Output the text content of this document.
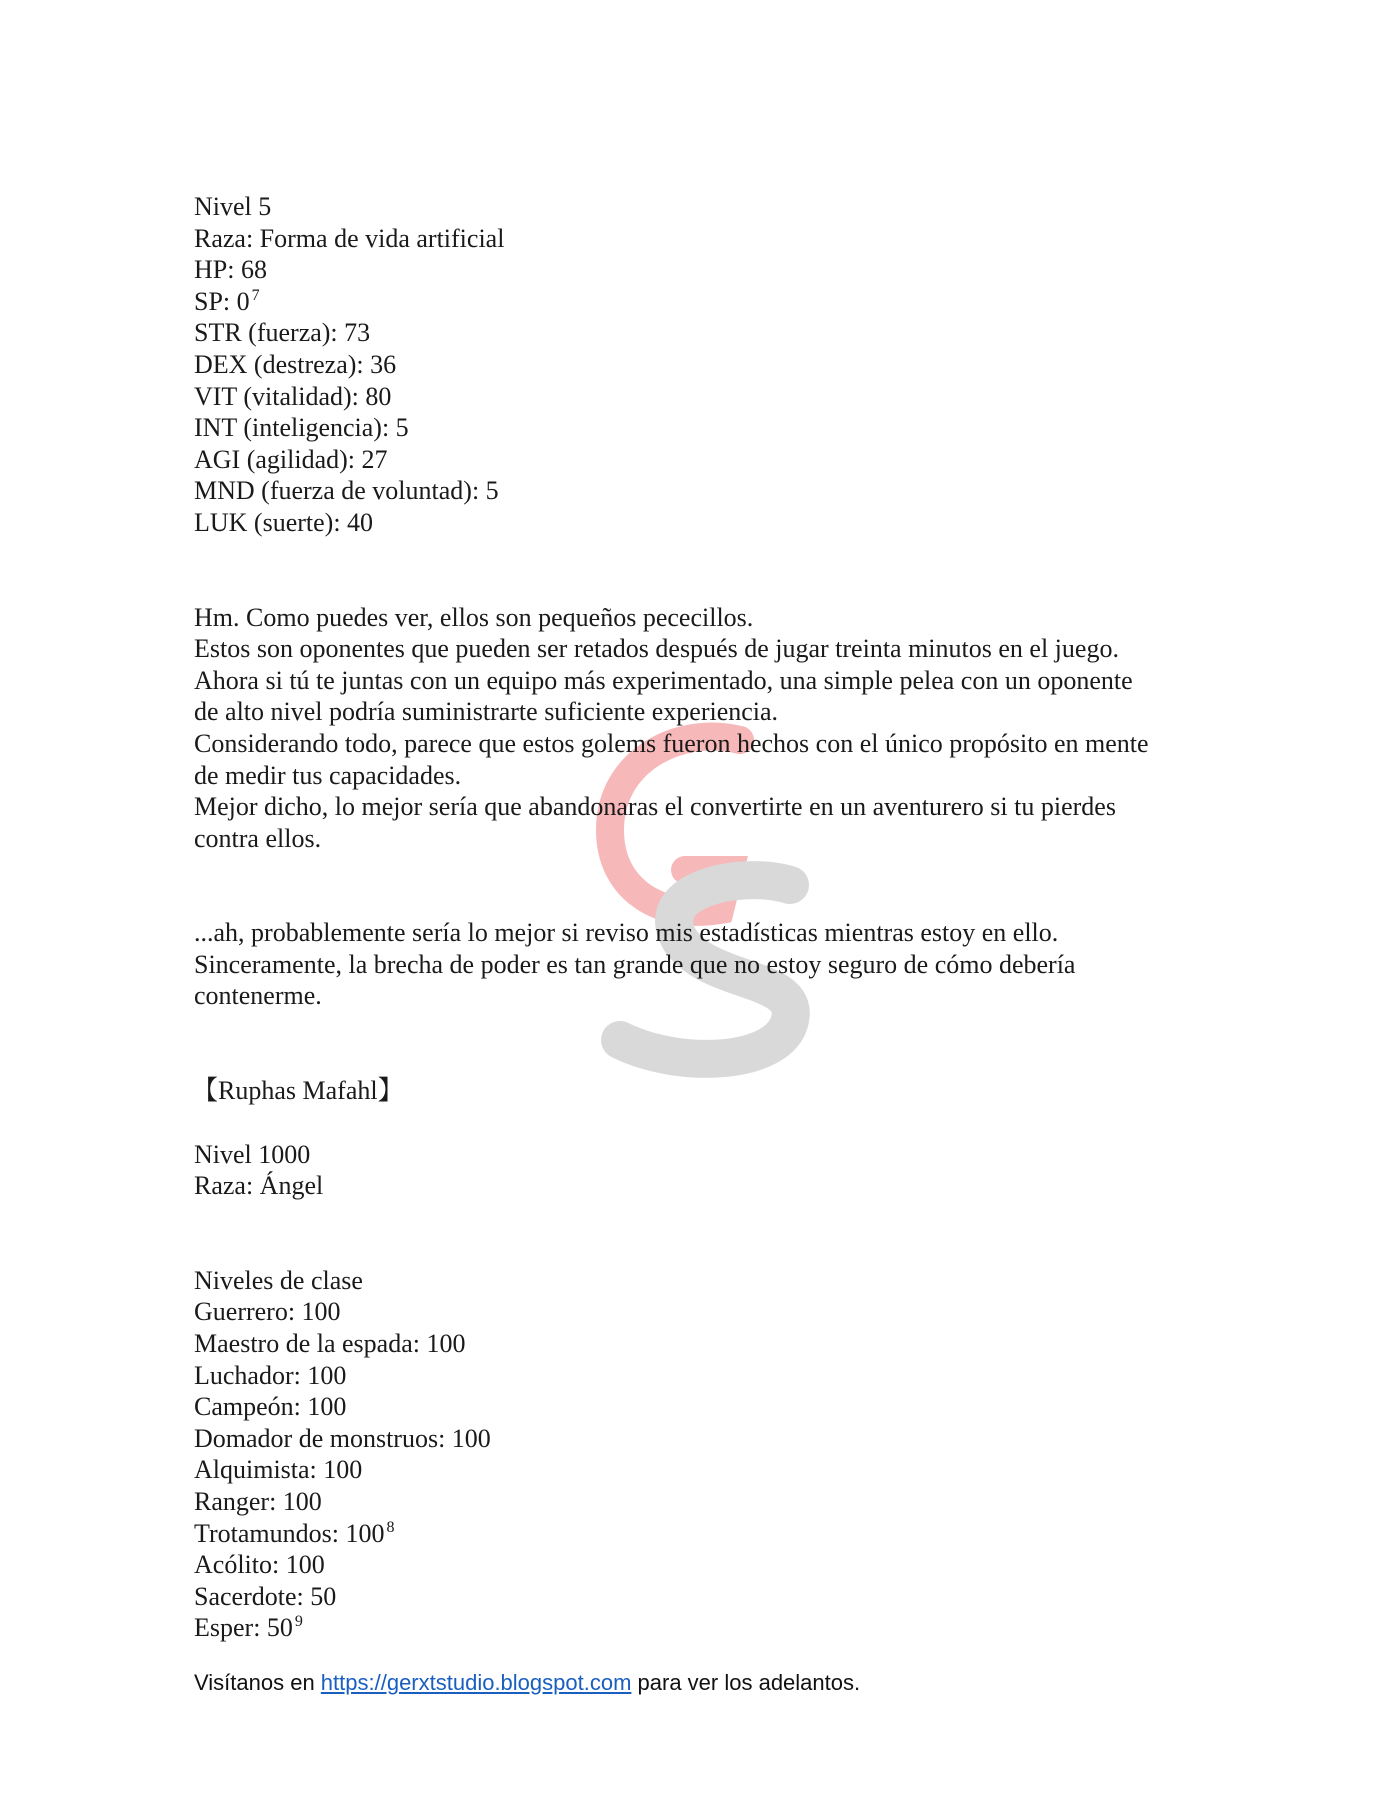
Nivel 5
Raza: Forma de vida artificial
HP: 68
SP: 0 $^7$
STR (fuerza): 73
DEX (destreza): 36
VIT (vitalidad): 80
INT (inteligencia): 5
AGI (agilidad): 27
MND (fuerza de voluntad): 5
LUK (suerte): 40
Hm. Como puedes ver, ellos son pequeños pececillos.
Estos son oponentes que pueden ser retados después de jugar treinta minutos en el juego.
Ahora si tú te juntas con un equipo más experimentado, una simple pelea con un oponente
de alto nivel podría suministrarte suficiente experiencia.
Considerando todo, parece que estos golems fueron hechos con el único propósito en mente
de medir tus capacidades.
Mejor dicho, lo mejor sería que abandonaras el convertirte en un aventurero si tu pierdes
contra ellos.
...ah, probablemente sería lo mejor si reviso mis estadísticas mientras estoy en ello.
Sinceramente, la brecha de poder es tan grande que no estoy seguro de cómo debería
contenerme.
【Ruphas Mafahl】
Nivel 1000
Raza: Ángel
Niveles de clase
Guerrero: 100
Maestro de la espada: 100
Luchador: 100
Campeón: 100
Domador de monstruos: 100
Alquimista: 100
Ranger: 100
Trotamundos: 100 $^8$
Acólito: 100
Sacerdote: 50
Esper: 50 $^9$
Visítanos en https://gerxtstudio.blogspot.com para ver los adelantos.
